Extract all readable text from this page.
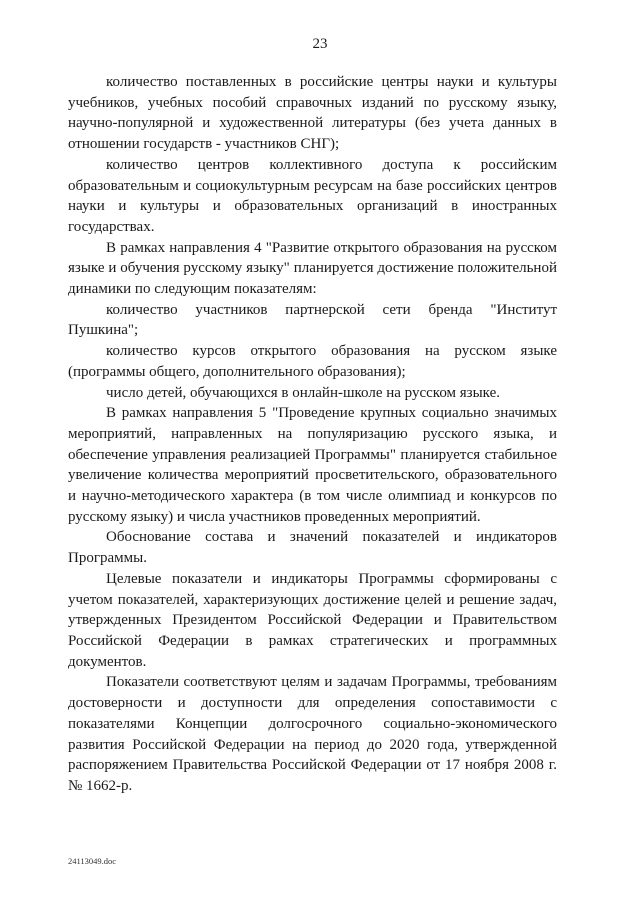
23

количество поставленных в российские центры науки и культуры учебников, учебных пособий справочных изданий по русскому языку, научно-популярной и художественной литературы (без учета данных в отношении государств - участников СНГ);

количество центров коллективного доступа к российским образовательным и социокультурным ресурсам на базе российских центров науки и культуры и образовательных организаций в иностранных государствах.

В рамках направления 4 "Развитие открытого образования на русском языке и обучения русскому языку" планируется достижение положительной динамики по следующим показателям:

количество участников партнерской сети бренда "Институт Пушкина";

количество курсов открытого образования на русском языке (программы общего, дополнительного образования);

число детей, обучающихся в онлайн-школе на русском языке.

В рамках направления 5 "Проведение крупных социально значимых мероприятий, направленных на популяризацию русского языка, и обеспечение управления реализацией Программы" планируется стабильное увеличение количества мероприятий просветительского, образовательного и научно-методического характера (в том числе олимпиад и конкурсов по русскому языку) и числа участников проведенных мероприятий.

Обоснование состава и значений показателей и индикаторов Программы.

Целевые показатели и индикаторы Программы сформированы с учетом показателей, характеризующих достижение целей и решение задач, утвержденных Президентом Российской Федерации и Правительством Российской Федерации в рамках стратегических и программных документов.

Показатели соответствуют целям и задачам Программы, требованиям достоверности и доступности для определения сопоставимости с показателями Концепции долгосрочного социально-экономического развития Российской Федерации на период до 2020 года, утвержденной распоряжением Правительства Российской Федерации от 17 ноября 2008 г. № 1662-р.

24113049.doc
